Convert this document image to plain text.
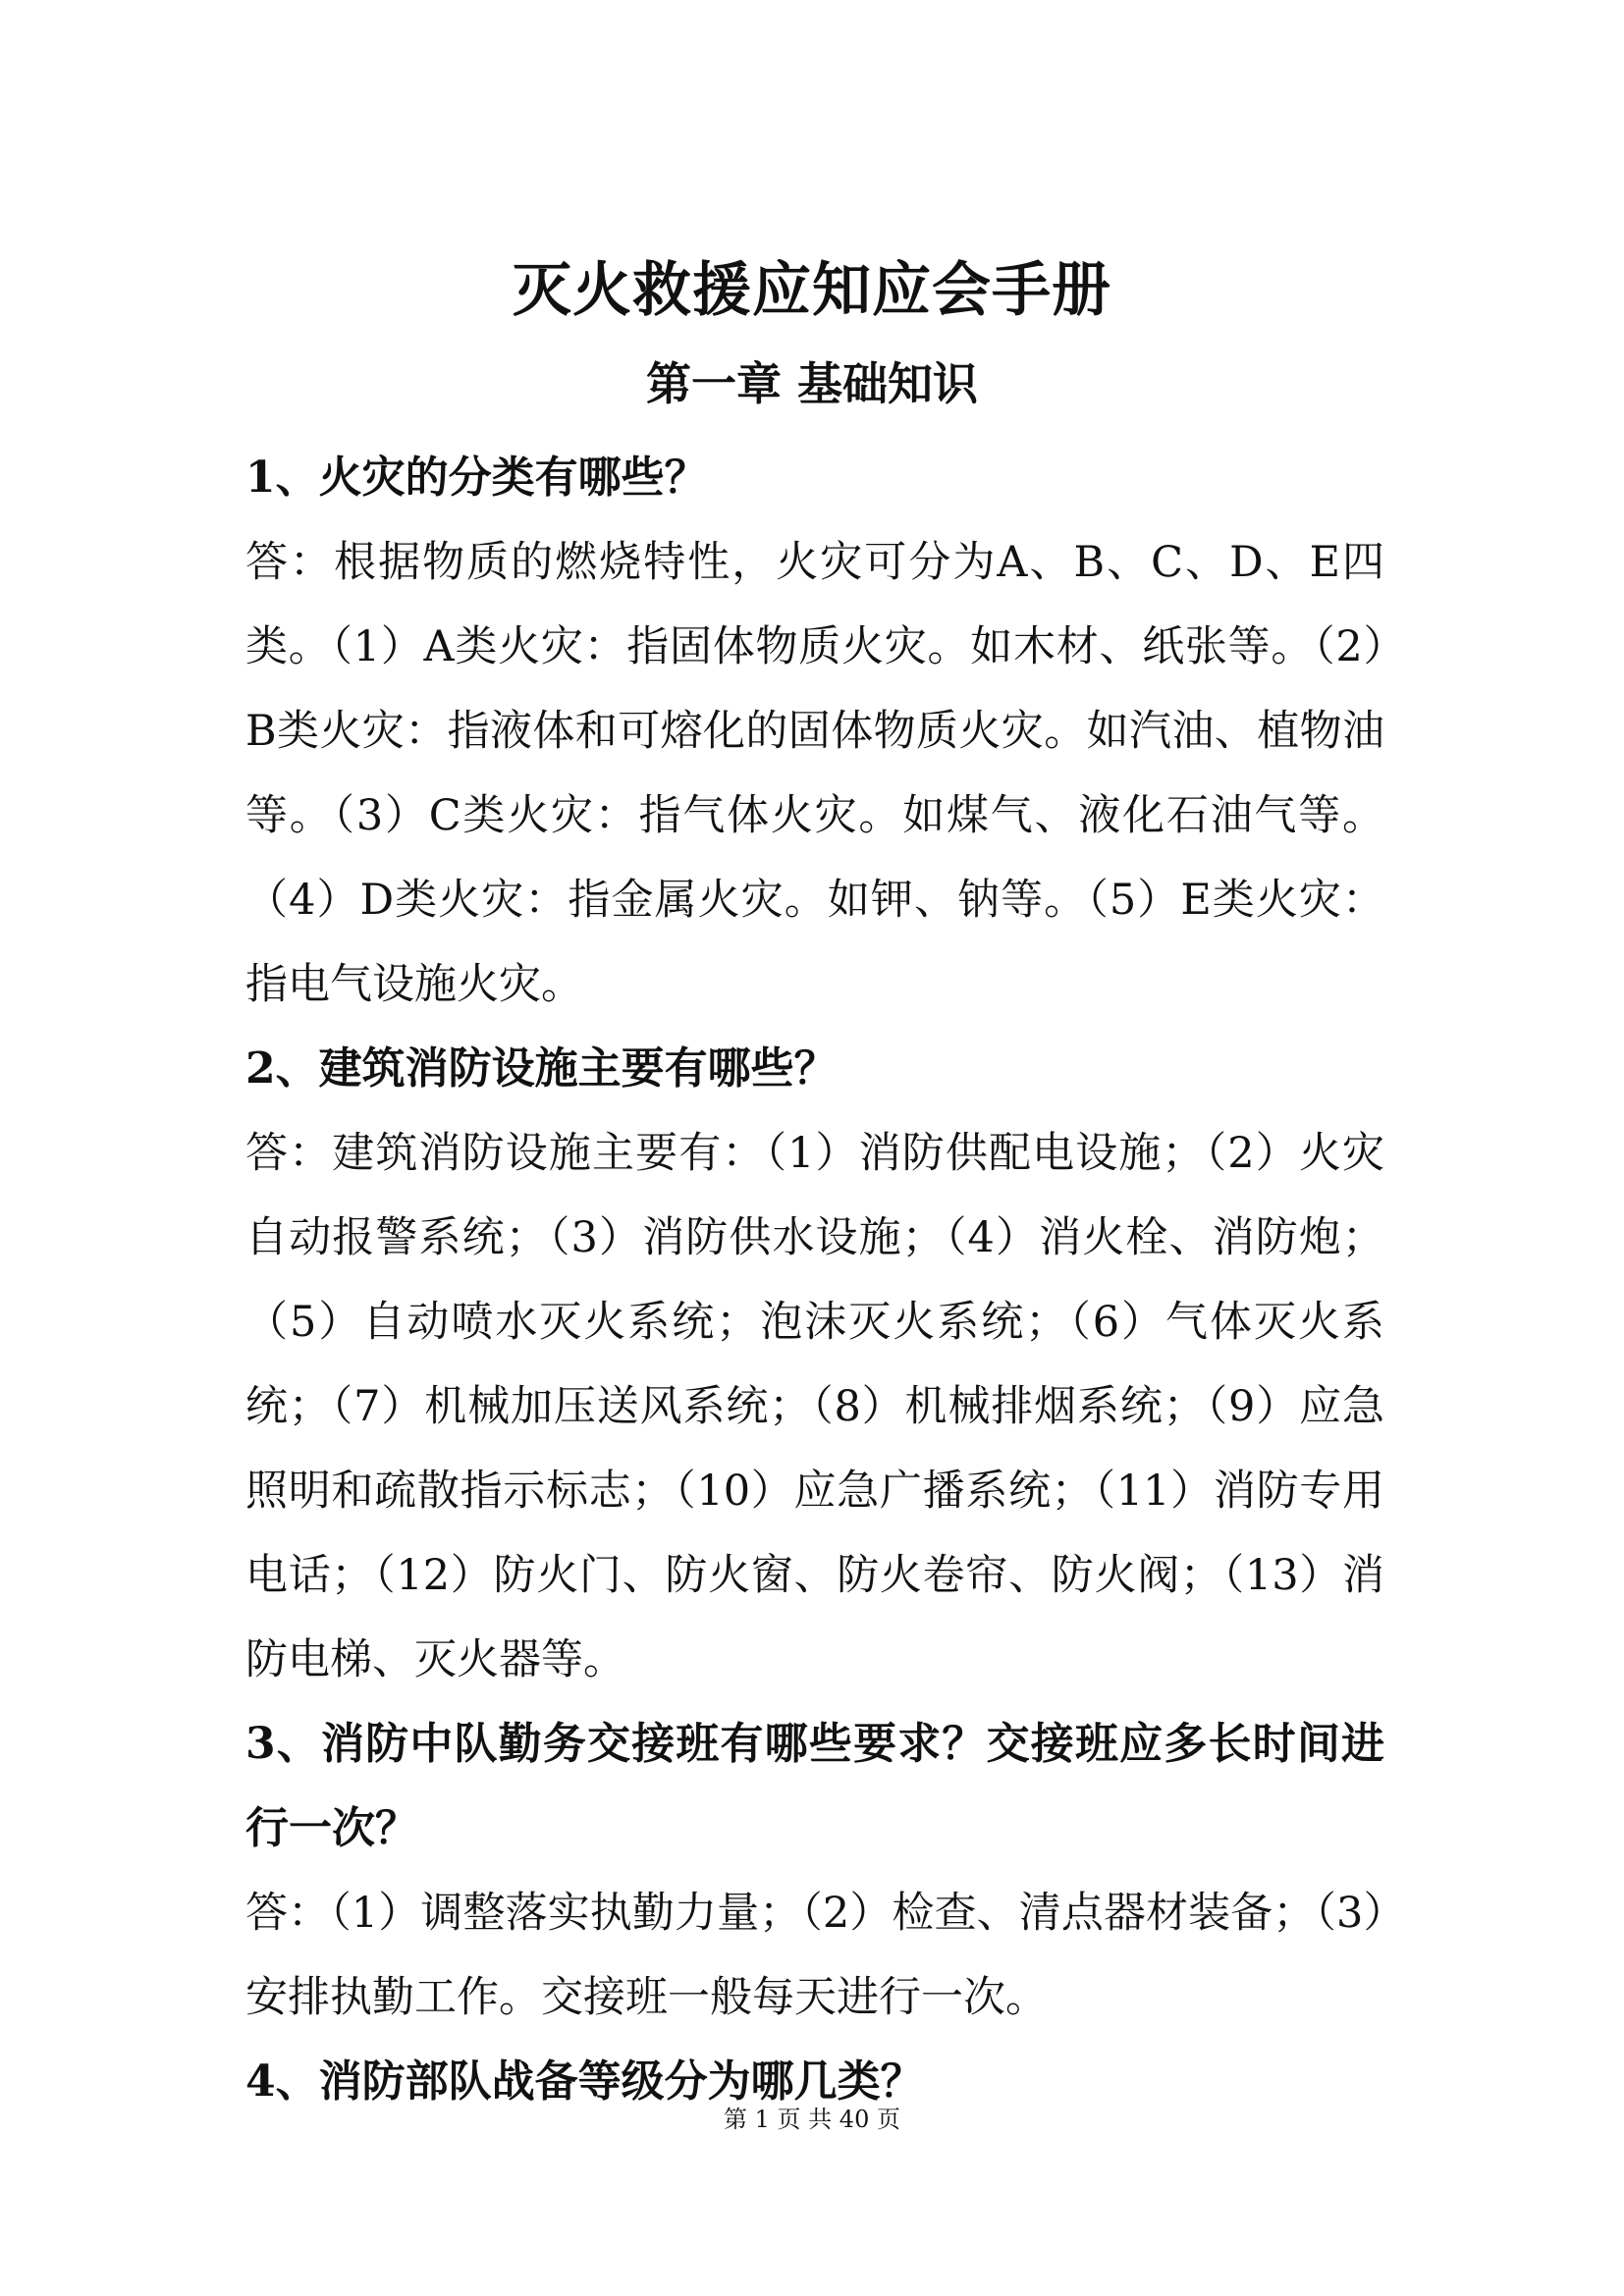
灭火救援应知应会手册
第一章 基础知识

1、火灾的分类有哪些？

答：根据物质的燃烧特性，火灾可分为A、B、C、D、E四类。（1）A类火灾：指固体物质火灾。如木材、纸张等。（2）B类火灾：指液体和可熔化的固体物质火灾。如汽油、植物油等。（3）C类火灾：指气体火灾。如煤气、液化石油气等。（4）D类火灾：指金属火灾。如钾、钠等。（5）E类火灾：指电气设施火灾。

2、建筑消防设施主要有哪些？

答：建筑消防设施主要有：（1）消防供配电设施；（2）火灾自动报警系统；（3）消防供水设施；（4）消火栓、消防炮；（5）自动喷水灭火系统；泡沫灭火系统；（6）气体灭火系统；（7）机械加压送风系统；（8）机械排烟系统；（9）应急照明和疏散指示标志；（10）应急广播系统；（11）消防专用电话；（12）防火门、防火窗、防火卷帘、防火阀；（13）消防电梯、灭火器等。

3、消防中队勤务交接班有哪些要求？交接班应多长时间进行一次？

答：（1）调整落实执勤力量；（2）检查、清点器材装备；（3）安排执勤工作。交接班一般每天进行一次。

4、消防部队战备等级分为哪几类？

第 1 页 共 40 页
